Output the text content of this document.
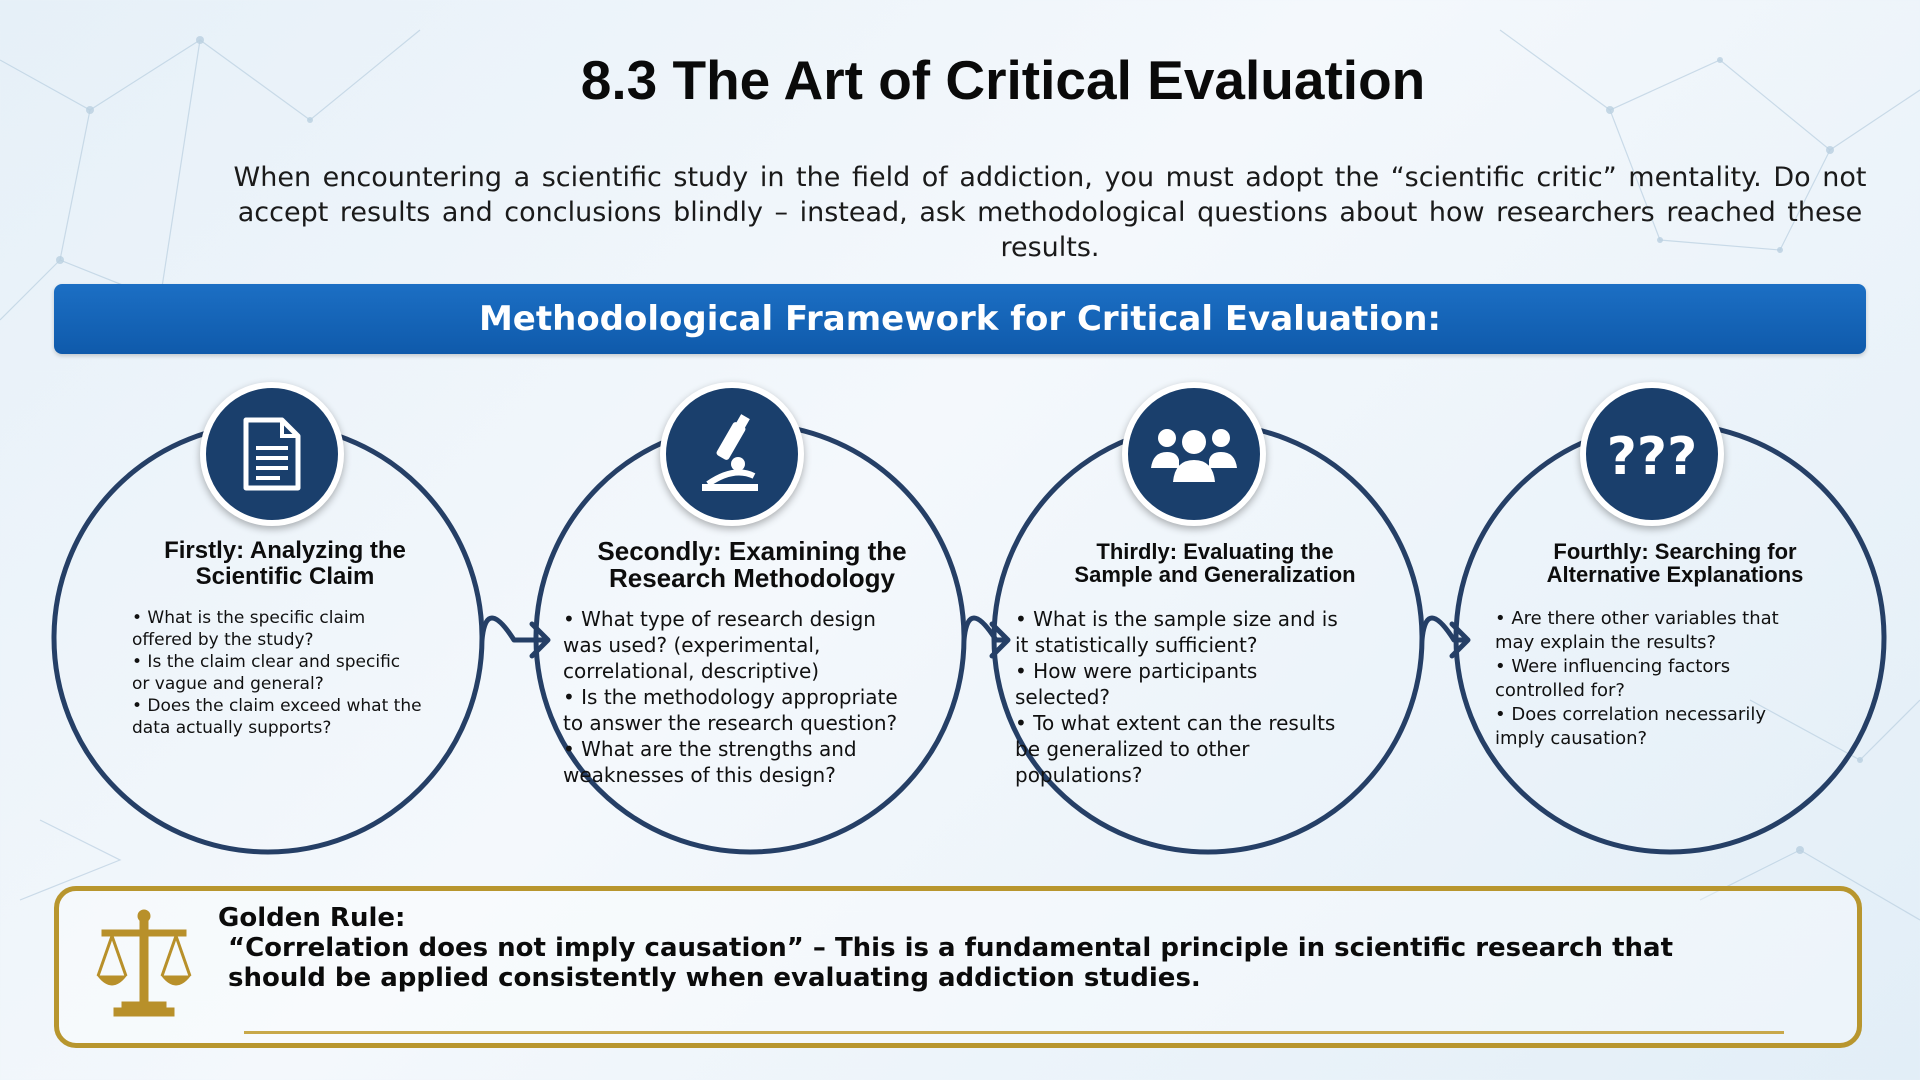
8.3 The Art of Critical Evaluation
When encountering a scientific study in the field of addiction, you must adopt the “scientific critic” mentality. Do not accept results and conclusions blindly – instead, ask methodological questions about how researchers reached these results.
Methodological Framework for Critical Evaluation:
???
Firstly: Analyzing the
Scientific Claim
Secondly: Examining the
Research Methodology
Thirdly: Evaluating the
Sample and Generalization
Fourthly: Searching for
Alternative Explanations
• What is the specific claim
offered by the study?
• Is the claim clear and specific
or vague and general?
• Does the claim exceed what the
data actually supports?
• What type of research design
was used? (experimental,
correlational, descriptive)
• Is the methodology appropriate
to answer the research question?
• What are the strengths and
weaknesses of this design?
• What is the sample size and is
it statistically sufficient?
• How were participants
selected?
• To what extent can the results
be generalized to other
populations?
• Are there other variables that
may explain the results?
• Were influencing factors
controlled for?
• Does correlation necessarily
imply causation?
Golden Rule:
“Correlation does not imply causation” – This is a fundamental principle in scientific research that should be applied consistently when evaluating addiction studies.
